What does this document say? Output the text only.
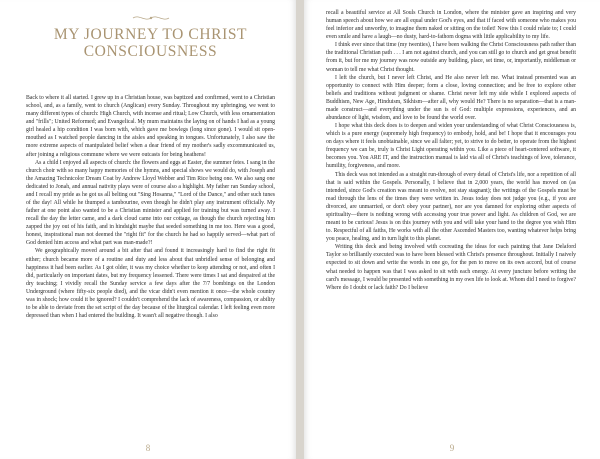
MY JOURNEY TO CHRIST CONSCIOUSNESS

Back to where it all started. I grew up in a Christian house, was baptized and confirmed, went to a Christian school, and, as a family, went to church (Anglican) every Sunday. Throughout my upbringing, we went to many different types of church: High Church, with incense and ritual; Low Church, with less ornamentation and "frills"; United Reformed; and Evangelical. My mum maintains the laying on of hands I had as a young girl healed a hip condition I was born with, which gave me bowlegs (long since gone). I would sit open-mouthed as I watched people dancing in the aisles and speaking in tongues. Unfortunately, I also saw the more extreme aspects of manipulated belief when a dear friend of my mother's sadly excommunicated us, after joining a religious commune where we were outcasts for being heathens!

As a child I enjoyed all aspects of church: the flowers and eggs at Easter, the summer fetes. I sang in the church choir with so many happy memories of the hymns, and special shows we would do, with Joseph and the Amazing Technicolor Dream Coat by Andrew Lloyd Webber and Tim Rice being one. We also sang one dedicated to Jonah, and annual nativity plays were of course also a highlight. My father ran Sunday school, and I recall my pride as he got us all belting out "Sing Hosanna," "Lord of the Dance," and other such tunes of the day! All while he thumped a tambourine, even though he didn't play any instrument officially. My father at one point also wanted to be a Christian minister and applied for training but was turned away. I recall the day the letter came, and a dark cloud came into our cottage, as though the church rejecting him zapped the joy out of his faith, and in hindsight maybe that seeded something in me too. Here was a good, honest, inspirational man not deemed the "right fit" for the church he had so happily served—what part of God denied him access and what part was man-made?!

We geographically moved around a bit after that and found it increasingly hard to find the right fit either; church became more of a routine and duty and less about that unbridled sense of belonging and happiness it had been earlier. As I got older, it was my choice whether to keep attending or not, and often I did, particularly on important dates, but my frequency lessened. There were times I sat and despaired at the dry teaching; I vividly recall the Sunday service a few days after the 7/7 bombings on the London Underground (where fifty-six people died), and the vicar didn't even mention it once—the whole country was in shock; how could it be ignored? I couldn't comprehend the lack of awareness, compassion, or ability to be able to deviate from the set script of the day because of the liturgical calendar. I left feeling even more depressed than when I had entered the building. It wasn't all negative though. I also

8

recall a beautiful service at All Souls Church in London, where the minister gave an inspiring and very human speech about how we are all equal under God's eyes, and that if faced with someone who makes you feel inferior and unworthy, to imagine them naked or sitting on the toilet! Now this I could relate to; I could even smile and have a laugh—no dusty, hard-to-fathom dogma with little applicability to my life.

I think ever since that time (my twenties), I have been walking the Christ Consciousness path rather than the traditional Christian path . . . I am not against church, and you can still go to church and get great benefit from it, but for me my journey was now outside any building, place, set time, or, importantly, middleman or woman to tell me what Christ thought.

I left the church, but I never left Christ, and He also never left me. What instead presented was an opportunity to connect with Him deeper; form a close, loving connection; and be free to explore other beliefs and traditions without judgment or shame. Christ never left my side while I explored aspects of Buddhism, New Age, Hinduism, Sikhism—after all, why would He? There is no separation—that is a man-made construct—and everything under the sun is of God: multiple expressions, experiences, and an abundance of light, wisdom, and love to be found the world over.

I hope what this deck does is to deepen and widen your understanding of what Christ Consciousness is, which is a pure energy (supremely high frequency) to embody, hold, and be! I hope that it encourages you on days where it feels unobtainable, since we all falter; yet, to strive to do better, to operate from the highest frequency we can be, truly is Christ Light operating within you. Like a piece of heart-centered software, it becomes you. You ARE IT, and the instruction manual is laid via all of Christ's teachings of love, tolerance, humility, forgiveness, and more.

This deck was not intended as a straight run-through of every detail of Christ's life, nor a repetition of all that is said within the Gospels. Personally, I believe that in 2,000 years, the world has moved on (as intended, since God's creation was meant to evolve, not stay stagnant); the writings of the Gospels must be read through the lens of the times they were written in. Jesus today does not judge you (e.g., if you are divorced, are unmarried, or don't obey your partner), nor are you damned for exploring other aspects of spirituality—there is nothing wrong with accessing your true power and light. As children of God, we are meant to be curious! Jesus is on this journey with you and will take your hand to the degree you wish Him to. Respectful of all faiths, He works with all the other Ascended Masters too, wanting whatever helps bring you peace, healing, and in turn light to this planet.

Writing this deck and being involved with cocreating the ideas for each painting that Jane Delaford Taylor so brilliantly executed was to have been blessed with Christ's presence throughout. Initially I naively expected to sit down and write the words in one go, for the pen to move on its own accord, but of course what needed to happen was that I was asked to sit with each energy. At every juncture before writing the card's message, I would be presented with something in my own life to look at. Whom did I need to forgive? Where do I doubt or lack faith? Do I believe

9
